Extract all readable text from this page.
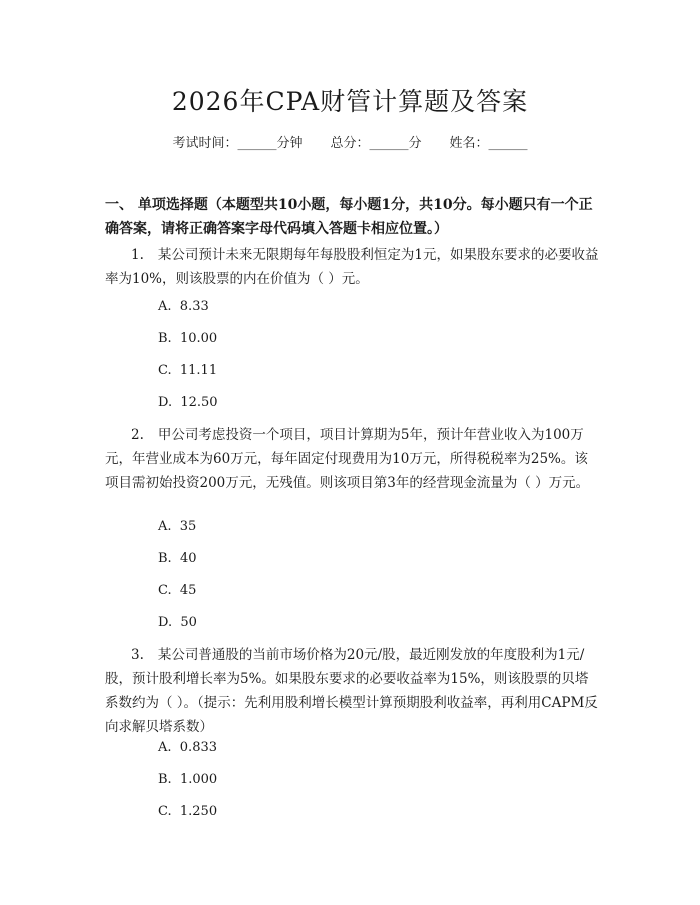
2026年CPA财管计算题及答案
考试时间：______分钟 总分：______分 姓名：______
一、 单项选择题（本题型共10小题，每小题1分，共10分。每小题只有一个正确答案，请将正确答案字母代码填入答题卡相应位置。）
1. 某公司预计未来无限期每年每股股利恒定为1元，如果股东要求的必要收益率为10%，则该股票的内在价值为（ ）元。
A.  8.33
B.  10.00
C.  11.11
D.  12.50
2. 甲公司考虑投资一个项目，项目计算期为5年，预计年营业收入为100万元，年营业成本为60万元，每年固定付现费用为10万元，所得税税率为25%。该项目需初始投资200万元，无残值。则该项目第3年的经营现金流量为（ ）万元。
A.  35
B.  40
C.  45
D.  50
3. 某公司普通股的当前市场价格为20元/股，最近刚发放的年度股利为1元/股，预计股利增长率为5%。如果股东要求的必要收益率为15%，则该股票的贝塔系数约为（ ）。（提示：先利用股利增长模型计算预期股利收益率，再利用CAPM反向求解贝塔系数）
A.  0.833
B.  1.000
C.  1.250
